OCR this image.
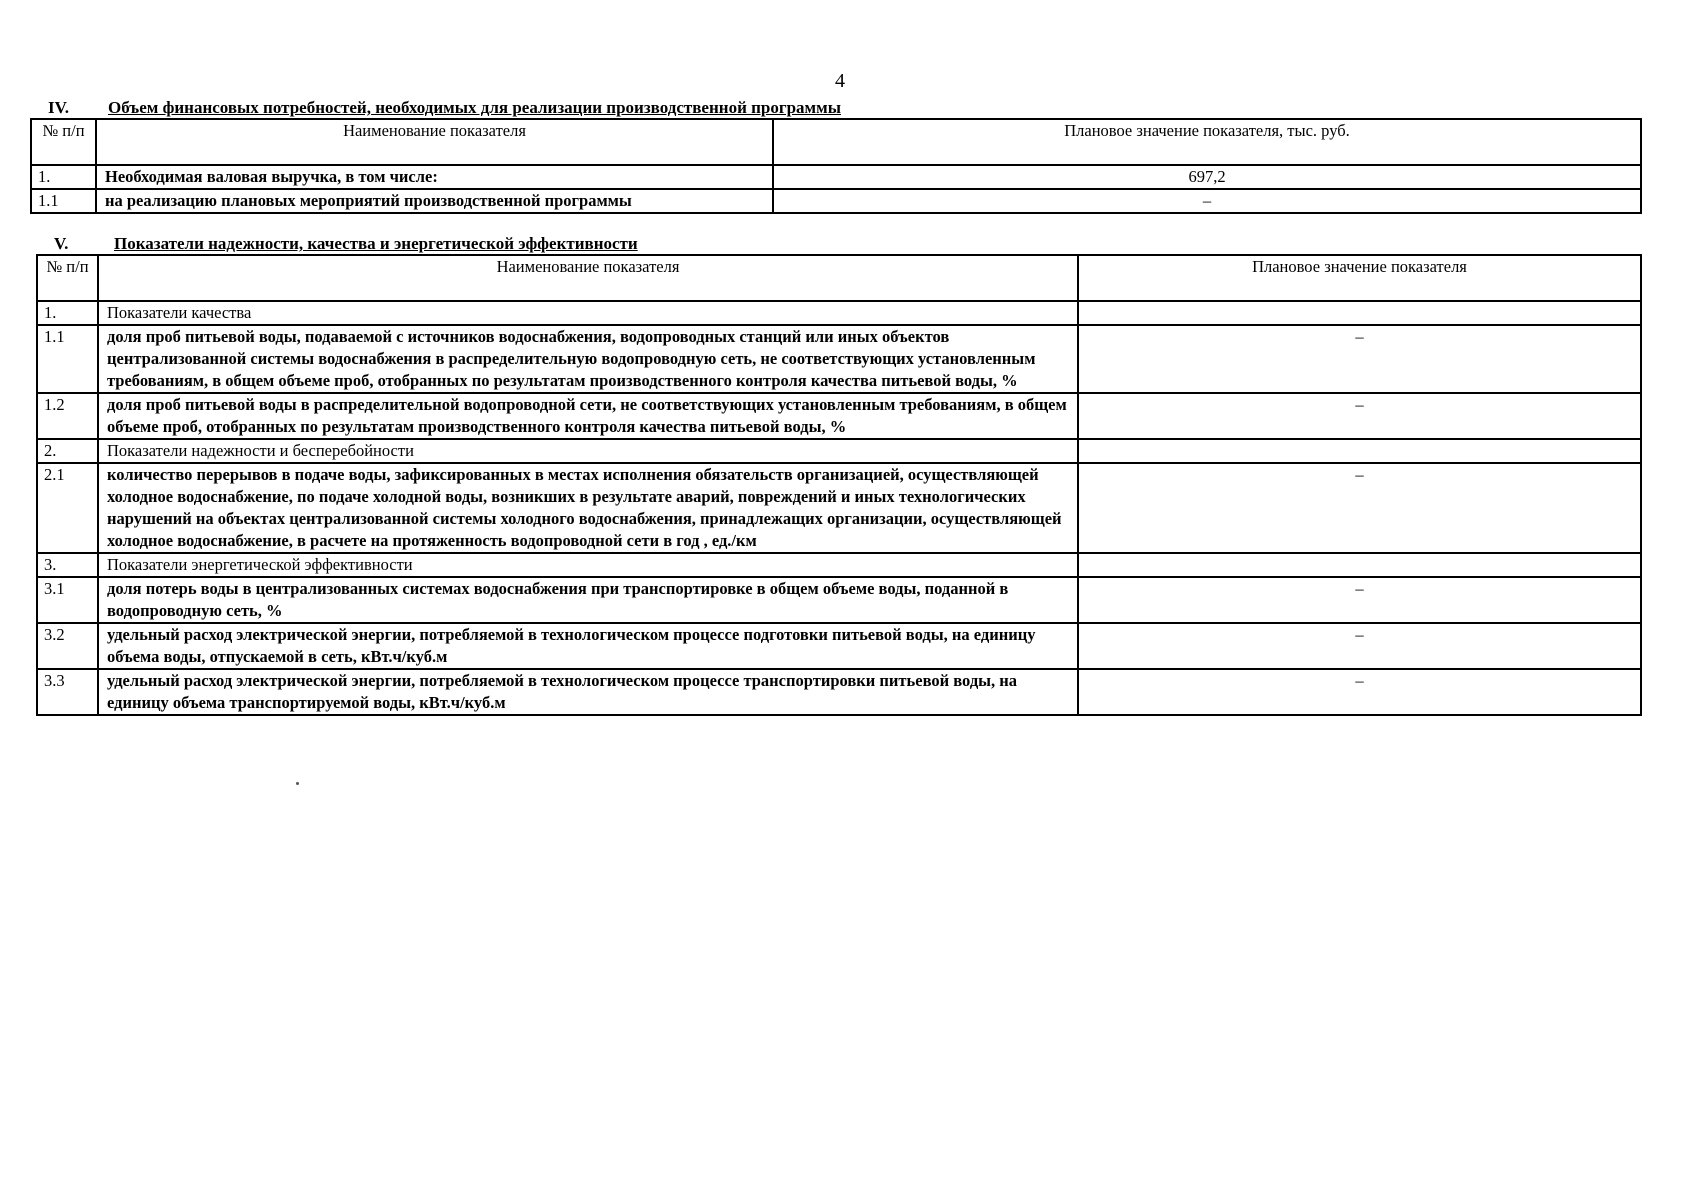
4
IV. Объем финансовых потребностей, необходимых для реализации производственной программы
№ п/п	Наименование показателя	Плановое значение показателя, тыс. руб.
1.	Необходимая валовая выручка, в том числе:	697,2
1.1	на реализацию плановых мероприятий производственной программы	–
V.	Показатели надежности, качества и энергетической эффективности
№ п/п	Наименование показателя	Плановое значение показателя
1.	Показатели качества	
1.1	доля проб питьевой воды, подаваемой с источников водоснабжения, водопроводных станций или иных объектов централизованной системы водоснабжения в распределительную водопроводную сеть, не соответствующих установленным требованиям, в общем объеме проб, отобранных по результатам производственного контроля качества питьевой воды, %	–
1.2	доля проб питьевой воды в распределительной водопроводной сети, не соответствующих установленным требованиям, в общем объеме проб, отобранных по результатам производственного контроля качества питьевой воды, %	–
2.	Показатели надежности и бесперебойности	
2.1	количество перерывов в подаче воды, зафиксированных в местах исполнения обязательств организацией, осуществляющей холодное водоснабжение, по подаче холодной воды, возникших в результате аварий, повреждений и иных технологических нарушений на объектах централизованной системы холодного водоснабжения, принадлежащих организации, осуществляющей холодное водоснабжение, в расчете на протяженность водопроводной сети в год , ед./км	–
3.	Показатели энергетической эффективности	
3.1	доля потерь воды в централизованных системах водоснабжения при транспортировке в общем объеме воды, поданной в водопроводную сеть, %	–
3.2	удельный расход электрической энергии, потребляемой в технологическом процессе подготовки питьевой воды, на единицу объема воды, отпускаемой в сеть, кВт.ч/куб.м	–
3.3	удельный расход электрической энергии, потребляемой в технологическом процессе транспортировки питьевой воды, на единицу объема транспортируемой воды, кВт.ч/куб.м	–
